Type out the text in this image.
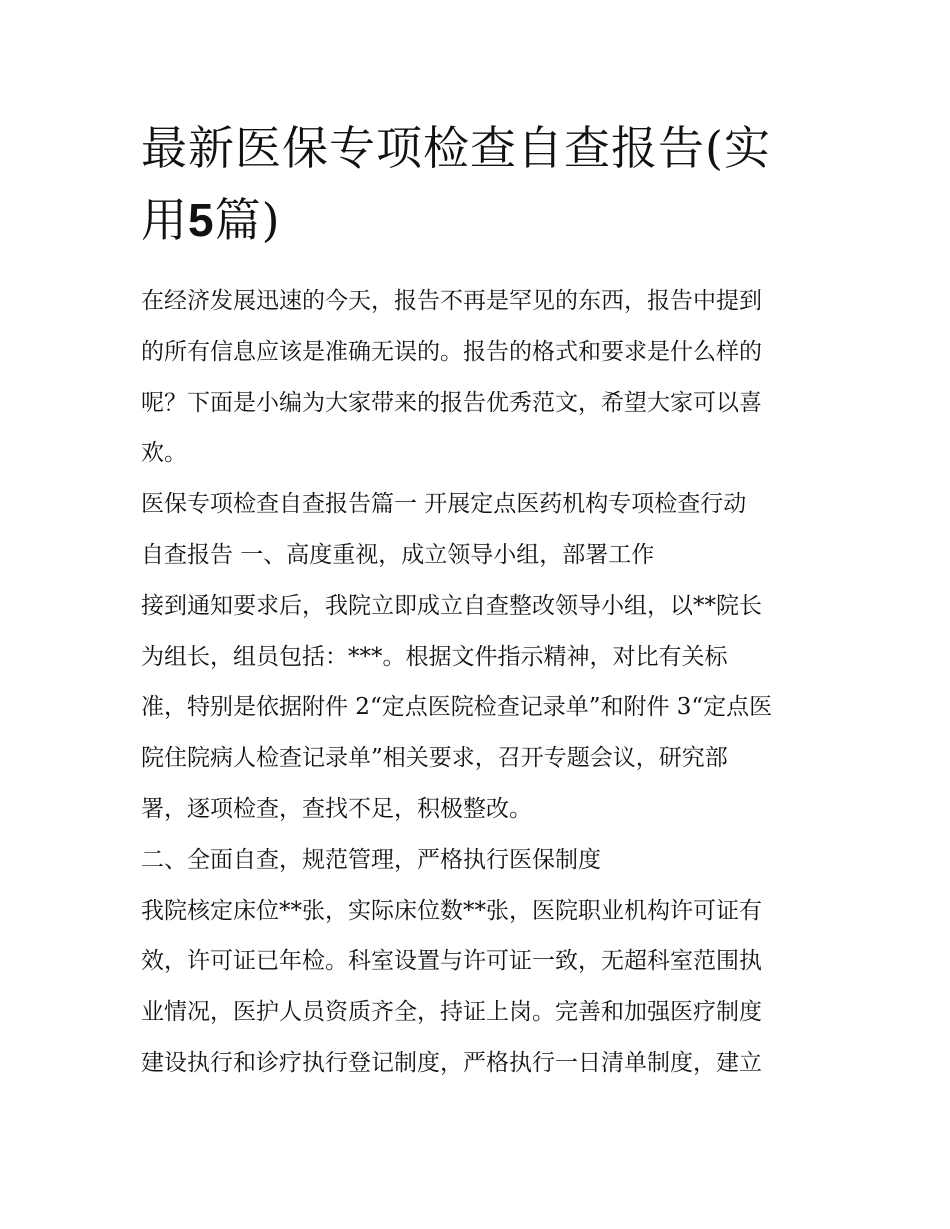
最新医保专项检查自查报告(实
用5篇)
在经济发展迅速的今天，报告不再是罕见的东西，报告中提到
的所有信息应该是准确无误的。报告的格式和要求是什么样的
呢？下面是小编为大家带来的报告优秀范文，希望大家可以喜
欢。
医保专项检查自查报告篇一 开展定点医药机构专项检查行动
自查报告 一、高度重视，成立领导小组，部署工作
接到通知要求后，我院立即成立自查整改领导小组，以**院长
为组长，组员包括：***。根据文件指示精神，对比有关标
准，特别是依据附件 2“定点医院检查记录单”和附件 3“定点医
院住院病人检查记录单”相关要求，召开专题会议，研究部
署，逐项检查，查找不足，积极整改。
二、全面自查，规范管理，严格执行医保制度
我院核定床位**张，实际床位数**张，医院职业机构许可证有
效，许可证已年检。科室设置与许可证一致，无超科室范围执
业情况，医护人员资质齐全，持证上岗。完善和加强医疗制度
建设执行和诊疗执行登记制度，严格执行一日清单制度，建立
